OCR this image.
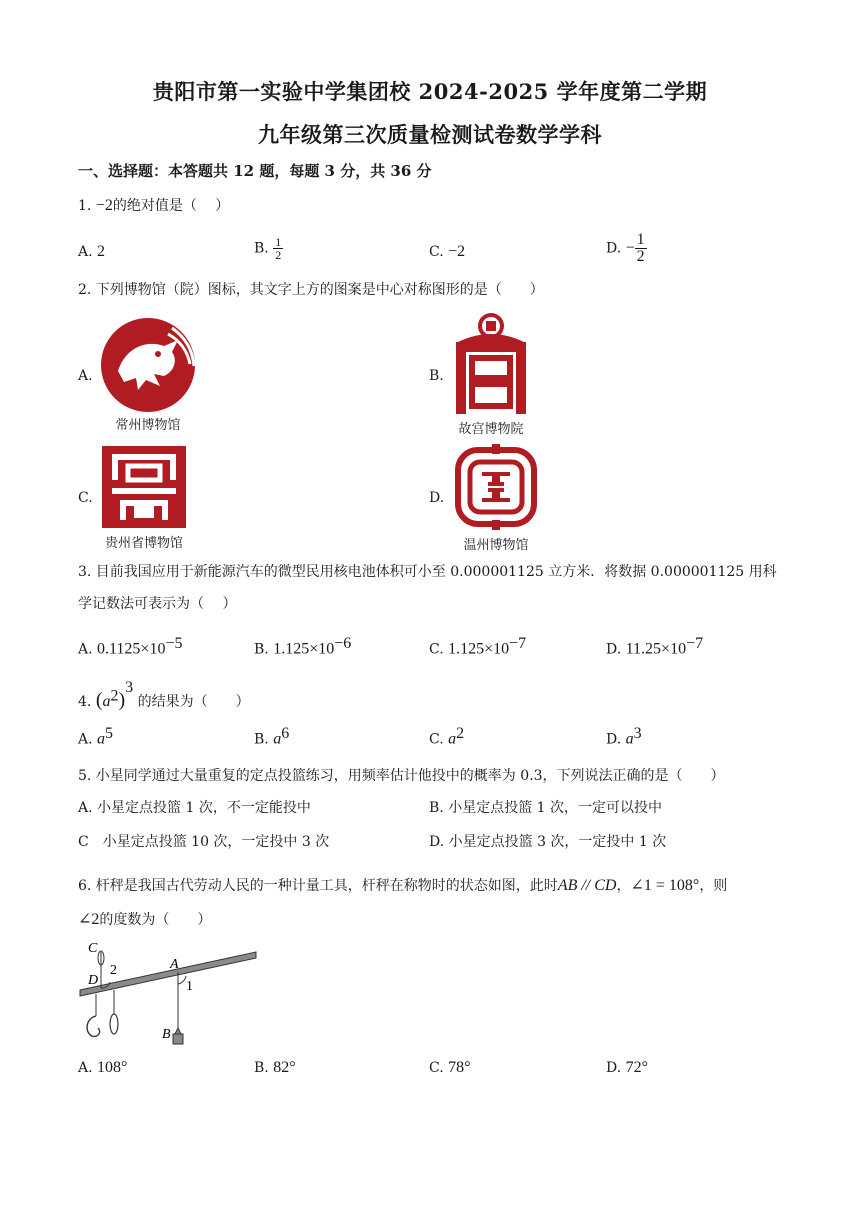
贵阳市第一实验中学集团校 2024-2025 学年度第二学期
九年级第三次质量检测试卷数学学科
一、选择题：本答题共 12 题，每题 3 分，共 36 分
1. −2的绝对值是（　 ）
A. 2	B. $\frac{1}{2}$	C. −2	D. − $\frac{1}{2}$
2. 下列博物馆（院）图标，其文字上方的图案是中心对称图形的是（　　）
A.
常州博物馆
B.
故宫博物院
C.
贵州省博物馆
D.
温州博物馆
3. 目前我国应用于新能源汽车的微型民用核电池体积可小至 0.000001125 立方米．将数据 0.000001125 用科
学记数法可表示为（　 ）
A. $0.1125\times 10^{-5}$	B. $1.125\times 10^{-6}$	C. $1.125\times 10^{-7}$	D. $11.25\times 10^{-7}$
4. $(a^2)^3$ 的结果为（　　）
A. $a^5$	B. $a^6$	C. $a^2$	D. $a^3$
5. 小星同学通过大量重复的定点投篮练习，用频率估计他投中的概率为 0.3，下列说法正确的是（　　）
A. 小星定点投篮 1 次，不一定能投中	B. 小星定点投篮 1 次，一定可以投中
C　小星定点投篮 10 次，一定投中 3 次	D. 小星定点投篮 3 次，一定投中 1 次
6. 杆秤是我国古代劳动人民的一种计量工具，杆秤在称物时的状态如图，此时AB // CD，∠1 = 108°，则
∠2的度数为（　　）
C
D
2	A
1
B
A. 108°	B. 82°	C. 78°	D. 72°
